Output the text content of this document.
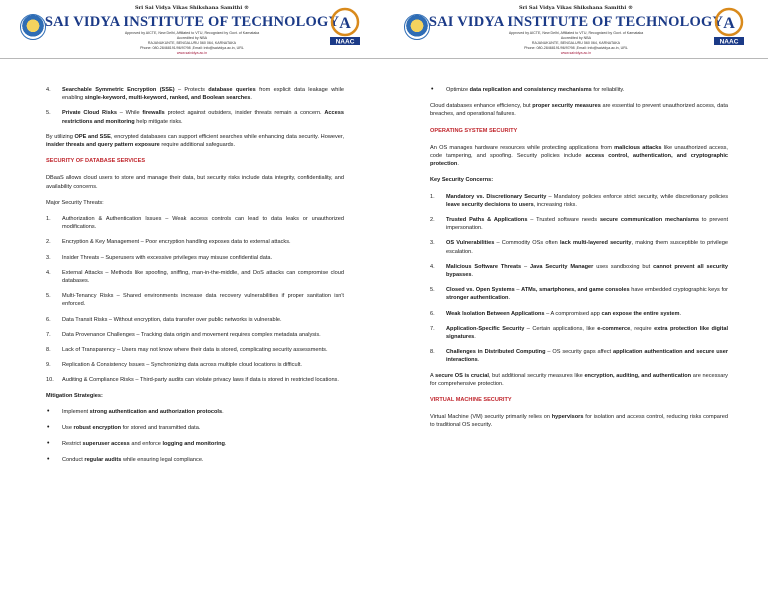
Sri Sai Vidya Vikas Shikshana Samithi ®
SAI VIDYA INSTITUTE OF TECHNOLOGY
Approved by AICTE, New Delhi, Affiliated to VTU, Recognized by Govt. of Karnataka
Accredited by NBA
RAJANUKUNTE, BENGALURU 560 064, KARNATAKA
Phone: 080-28468191/96/97/98 ,Email: info@saividya.ac.in, URL
www.saividya.ac.in
A
NAAC
4. Searchable Symmetric Encryption (SSE) – Protects database queries from explicit data leakage while enabling single-keyword, multi-keyword, ranked, and Boolean searches.
5. Private Cloud Risks – While firewalls protect against outsiders, insider threats remain a concern. Access restrictions and monitoring help mitigate risks.
By utilizing OPE and SSE, encrypted databases can support efficient searches while enhancing data security. However, insider threats and query pattern exposure require additional safeguards.
SECURITY OF DATABASE SERVICES
DBaaS allows cloud users to store and manage their data, but security risks include data integrity, confidentiality, and availability concerns.
Major Security Threats:
1. Authorization & Authentication Issues – Weak access controls can lead to data leaks or unauthorized modifications.
2. Encryption & Key Management – Poor encryption handling exposes data to external attacks.
3. Insider Threats – Superusers with excessive privileges may misuse confidential data.
4. External Attacks – Methods like spoofing, sniffing, man-in-the-middle, and DoS attacks can compromise cloud databases.
5. Multi-Tenancy Risks – Shared environments increase data recovery vulnerabilities if proper sanitation isn't enforced.
6. Data Transit Risks – Without encryption, data transfer over public networks is vulnerable.
7. Data Provenance Challenges – Tracking data origin and movement requires complex metadata analysis.
8. Lack of Transparency – Users may not know where their data is stored, complicating security assessments.
9. Replication & Consistency Issues – Synchronizing data across multiple cloud locations is difficult.
10. Auditing & Compliance Risks – Third-party audits can violate privacy laws if data is stored in restricted locations.
Mitigation Strategies:
• Implement strong authentication and authorization protocols.
• Use robust encryption for stored and transmitted data.
• Restrict superuser access and enforce logging and monitoring.
• Conduct regular audits while ensuring legal compliance.
Sri Sai Vidya Vikas Shikshana Samithi ®
SAI VIDYA INSTITUTE OF TECHNOLOGY
Approved by AICTE, New Delhi, Affiliated to VTU, Recognized by Govt. of Karnataka
Accredited by NBA
RAJANUKUNTE, BENGALURU 560 064, KARNATAKA
Phone: 080-28468191/96/97/98 ,Email: info@saividya.ac.in, URL
www.saividya.ac.in
A
NAAC
• Optimize data replication and consistency mechanisms for reliability.
Cloud databases enhance efficiency, but proper security measures are essential to prevent unauthorized access, data breaches, and operational failures.
OPERATING SYSTEM SECURITY
An OS manages hardware resources while protecting applications from malicious attacks like unauthorized access, code tampering, and spoofing. Security policies include access control, authentication, and cryptographic protection.
Key Security Concerns:
1. Mandatory vs. Discretionary Security – Mandatory policies enforce strict security, while discretionary policies leave security decisions to users, increasing risks.
2. Trusted Paths & Applications – Trusted software needs secure communication mechanisms to prevent impersonation.
3. OS Vulnerabilities – Commodity OSs often lack multi-layered security, making them susceptible to privilege escalation.
4. Malicious Software Threats – Java Security Manager uses sandboxing but cannot prevent all security bypasses.
5. Closed vs. Open Systems – ATMs, smartphones, and game consoles have embedded cryptographic keys for stronger authentication.
6. Weak Isolation Between Applications – A compromised app can expose the entire system.
7. Application-Specific Security – Certain applications, like e-commerce, require extra protection like digital signatures.
8. Challenges in Distributed Computing – OS security gaps affect application authentication and secure user interactions.
A secure OS is crucial, but additional security measures like encryption, auditing, and authentication are necessary for comprehensive protection.
VIRTUAL MACHINE SECURITY
Virtual Machine (VM) security primarily relies on hypervisors for isolation and access control, reducing risks compared to traditional OS security.
